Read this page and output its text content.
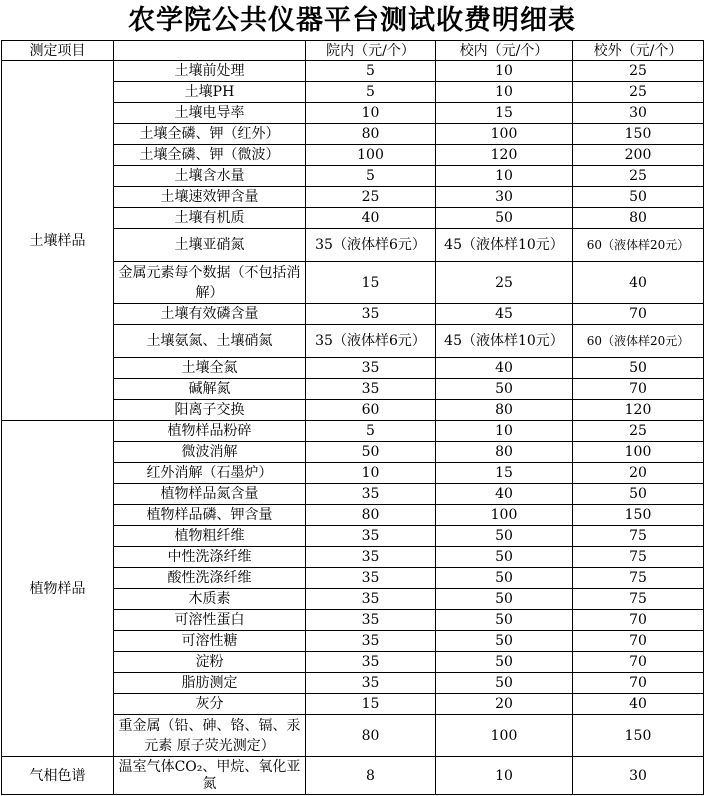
农学院公共仪器平台测试收费明细表
测定项目		院内（元/个）	校内（元/个）	校外（元/个）
土壤样品	土壤前处理	5	10	25
	土壤PH	5	10	25
	土壤电导率	10	15	30
	土壤全磷、钾（红外）	80	100	150
	土壤全磷、钾（微波）	100	120	200
	土壤含水量	5	10	25
	土壤速效钾含量	25	30	50
	土壤有机质	40	50	80
	土壤亚硝氮	35（液体样6元）	45（液体样10元）	60（液体样20元）
	金属元素每个数据（不包括消解）	15	25	40
	土壤有效磷含量	35	45	70
	土壤氨氮、土壤硝氮	35（液体样6元）	45（液体样10元）	60（液体样20元）
	土壤全氮	35	40	50
	碱解氮	35	50	70
	阳离子交换	60	80	120
植物样品	植物样品粉碎	5	10	25
	微波消解	50	80	100
	红外消解（石墨炉）	10	15	20
	植物样品氮含量	35	40	50
	植物样品磷、钾含量	80	100	150
	植物粗纤维	35	50	75
	中性洗涤纤维	35	50	75
	酸性洗涤纤维	35	50	75
	木质素	35	50	75
	可溶性蛋白	35	50	70
	可溶性糖	35	50	70
	淀粉	35	50	70
	脂肪测定	35	50	70
	灰分	15	20	40
	重金属（铅、砷、铬、镉、汞元素 原子荧光测定）	80	100	150
气相色谱	温室气体CO₂、甲烷、氧化亚氮	8	10	30
